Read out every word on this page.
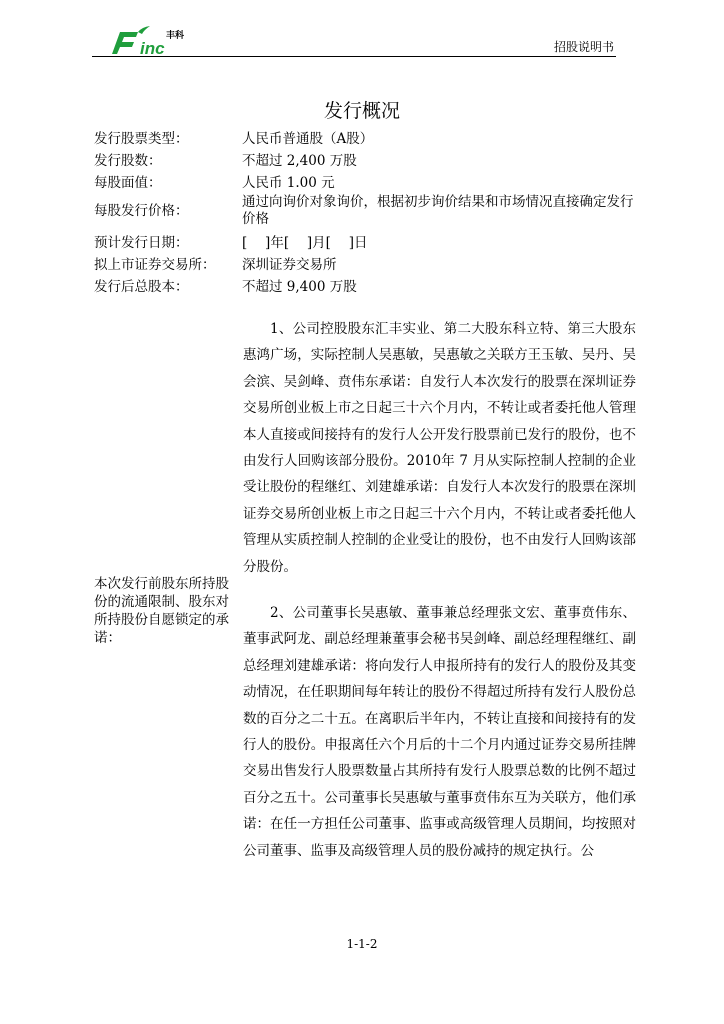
inc
丰科
招股说明书
发行概况
发行股票类型：	人民币普通股（A股）
发行股数：	不超过 2,400 万股
每股面值：	人民币 1.00 元
每股发行价格：	通过向询价对象询价，根据初步询价结果和市场情况直接确定发行价格
预计发行日期：	[　 ]年[　 ]月[　 ]日
拟上市证券交易所：	深圳证券交易所
发行后总股本：	不超过 9,400 万股
本次发行前股东所持股份的流通限制、股东对所持股份自愿锁定的承诺：

1、公司控股股东汇丰实业、第二大股东科立特、第三大股东惠鸿广场，实际控制人吴惠敏，吴惠敏之关联方王玉敏、吴丹、吴会滨、吴剑峰、贲伟东承诺：自发行人本次发行的股票在深圳证券交易所创业板上市之日起三十六个月内，不转让或者委托他人管理本人直接或间接持有的发行人公开发行股票前已发行的股份，也不由发行人回购该部分股份。2010年 7 月从实际控制人控制的企业受让股份的程继红、刘建雄承诺：自发行人本次发行的股票在深圳证券交易所创业板上市之日起三十六个月内，不转让或者委托他人管理从实质控制人控制的企业受让的股份，也不由发行人回购该部分股份。

2、公司董事长吴惠敏、董事兼总经理张文宏、董事贲伟东、董事武阿龙、副总经理兼董事会秘书吴剑峰、副总经理程继红、副总经理刘建雄承诺：将向发行人申报所持有的发行人的股份及其变动情况，在任职期间每年转让的股份不得超过所持有发行人股份总数的百分之二十五。在离职后半年内，不转让直接和间接持有的发行人的股份。申报离任六个月后的十二个月内通过证券交易所挂牌交易出售发行人股票数量占其所持有发行人股票总数的比例不超过百分之五十。公司董事长吴惠敏与董事贲伟东互为关联方，他们承诺：在任一方担任公司董事、监事或高级管理人员期间，均按照对公司董事、监事及高级管理人员的股份减持的规定执行。公

1-1-2
